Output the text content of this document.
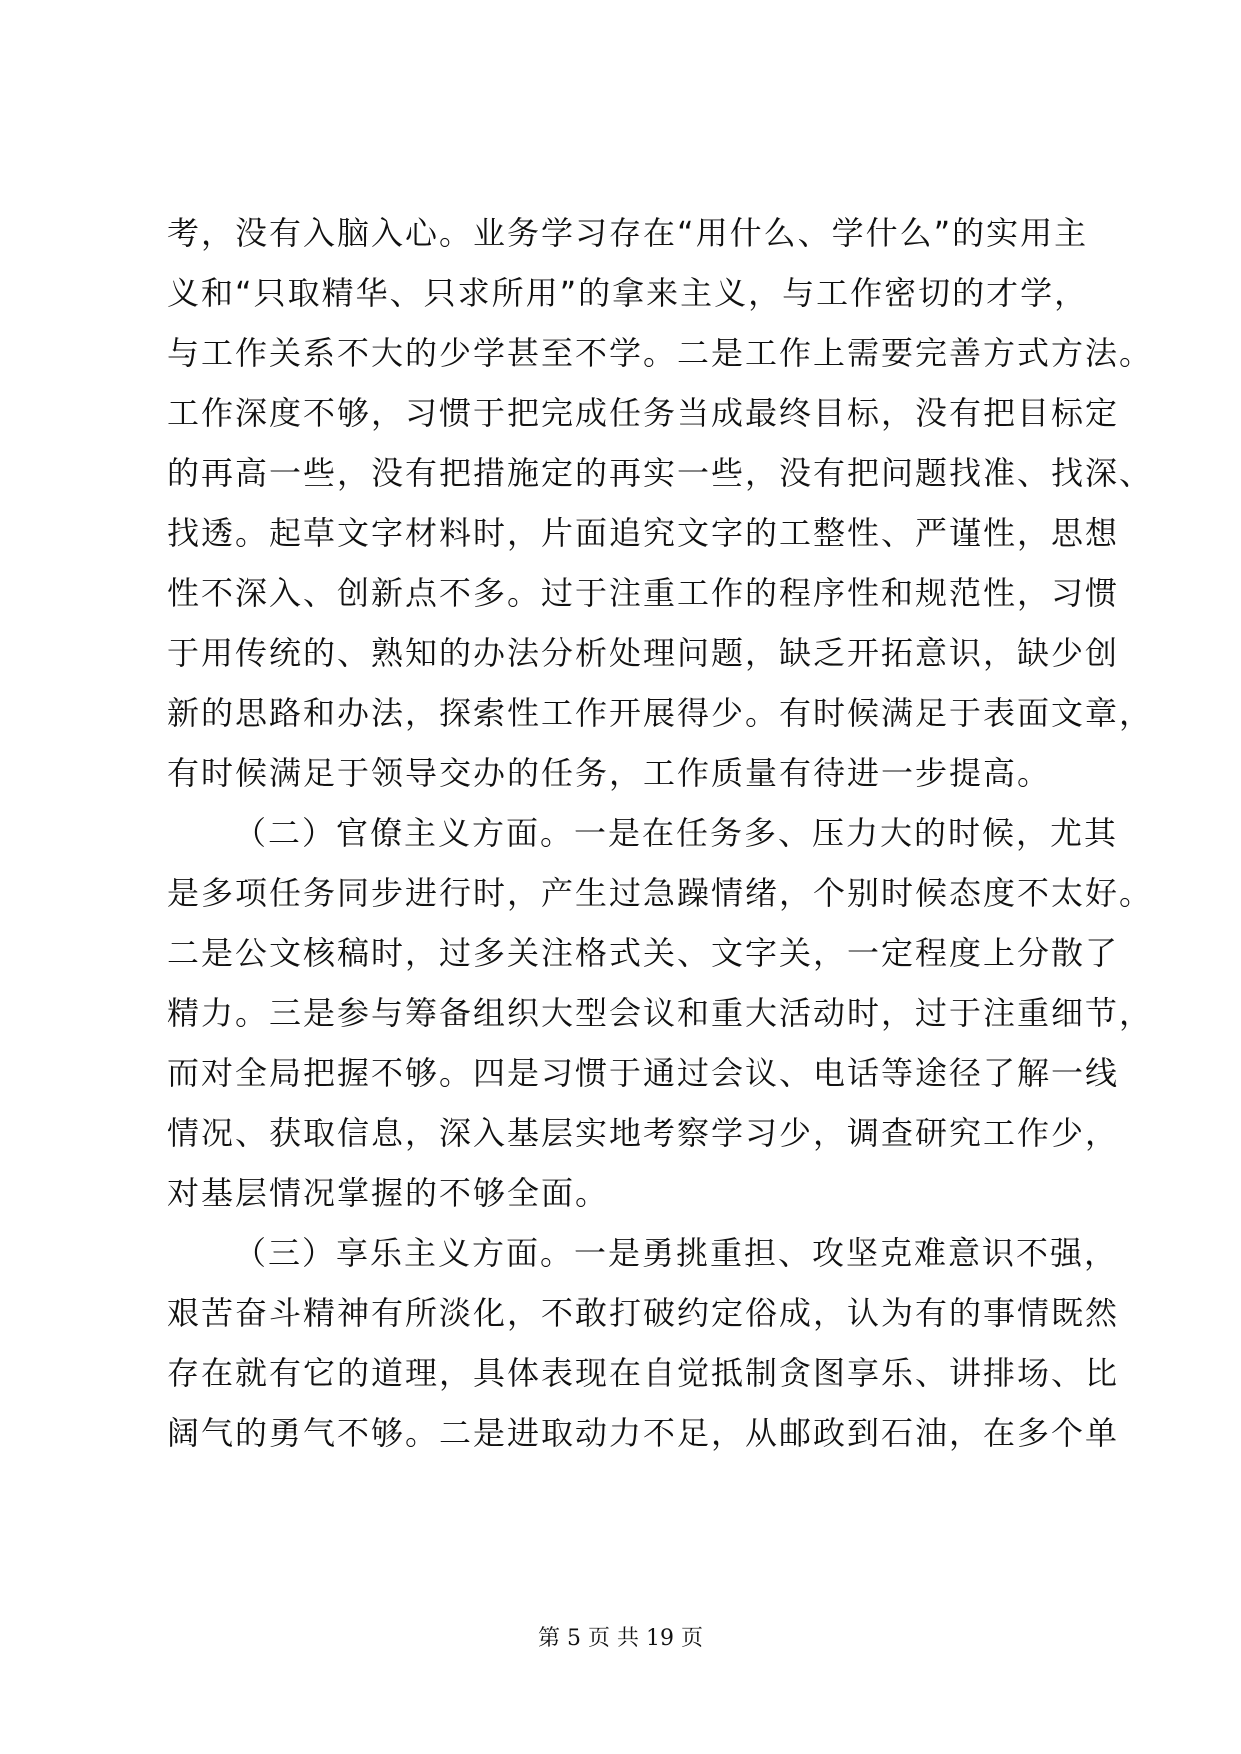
考，没有入脑入心。业务学习存在“用什么、学什么”的实用主
义和“只取精华、只求所用”的拿来主义，与工作密切的才学，
与工作关系不大的少学甚至不学。二是工作上需要完善方式方法。
工作深度不够，习惯于把完成任务当成最终目标，没有把目标定
的再高一些，没有把措施定的再实一些，没有把问题找准、找深、
找透。起草文字材料时，片面追究文字的工整性、严谨性，思想
性不深入、创新点不多。过于注重工作的程序性和规范性，习惯
于用传统的、熟知的办法分析处理问题，缺乏开拓意识，缺少创
新的思路和办法，探索性工作开展得少。有时候满足于表面文章，
有时候满足于领导交办的任务，工作质量有待进一步提高。
（二）官僚主义方面。一是在任务多、压力大的时候，尤其
是多项任务同步进行时，产生过急躁情绪，个别时候态度不太好。
二是公文核稿时，过多关注格式关、文字关，一定程度上分散了
精力。三是参与筹备组织大型会议和重大活动时，过于注重细节，
而对全局把握不够。四是习惯于通过会议、电话等途径了解一线
情况、获取信息，深入基层实地考察学习少，调查研究工作少，
对基层情况掌握的不够全面。
（三）享乐主义方面。一是勇挑重担、攻坚克难意识不强，
艰苦奋斗精神有所淡化，不敢打破约定俗成，认为有的事情既然
存在就有它的道理，具体表现在自觉抵制贪图享乐、讲排场、比
阔气的勇气不够。二是进取动力不足，从邮政到石油，在多个单
第 5 页 共 19 页
